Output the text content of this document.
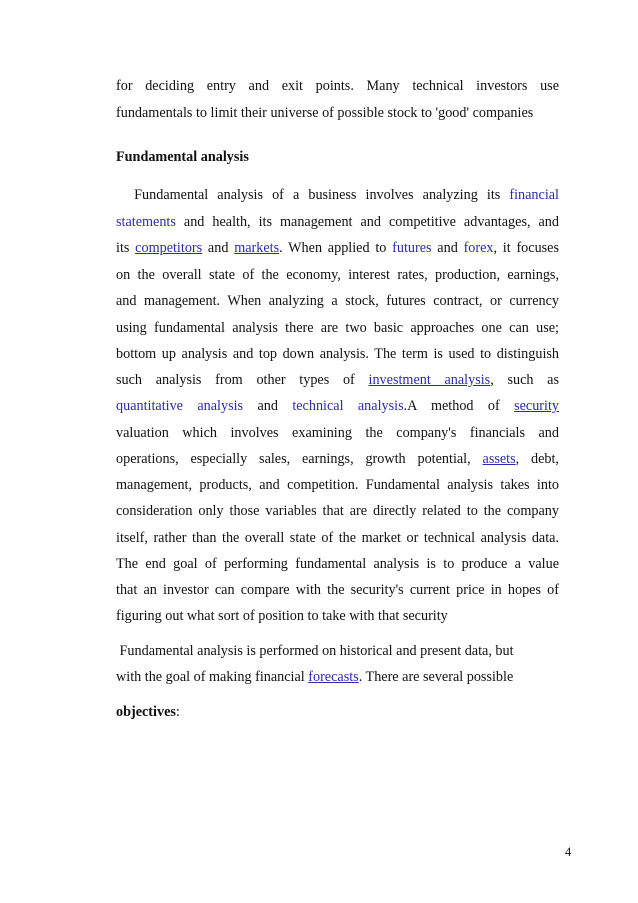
for deciding entry and exit points. Many technical investors use
fundamentals to limit their universe of possible stock to 'good' companies
Fundamental analysis
Fundamental analysis of a business involves analyzing its financial
statements and health, its management and competitive advantages, and
its competitors and markets. When applied to futures and forex, it focuses
on the overall state of the economy, interest rates, production, earnings,
and management. When analyzing a stock, futures contract, or currency
using fundamental analysis there are two basic approaches one can use;
bottom up analysis and top down analysis. The term is used to distinguish
such analysis from other types of investment analysis, such as
quantitative analysis and technical analysis.A method of security
valuation which involves examining the company's financials and
operations, especially sales, earnings, growth potential, assets, debt,
management, products, and competition. Fundamental analysis takes into
consideration only those variables that are directly related to the company
itself, rather than the overall state of the market or technical analysis data.
The end goal of performing fundamental analysis is to produce a value
that an investor can compare with the security's current price in hopes of
figuring out what sort of position to take with that security
Fundamental analysis is performed on historical and present data, but
with the goal of making financial forecasts. There are several possible
objectives:
4
